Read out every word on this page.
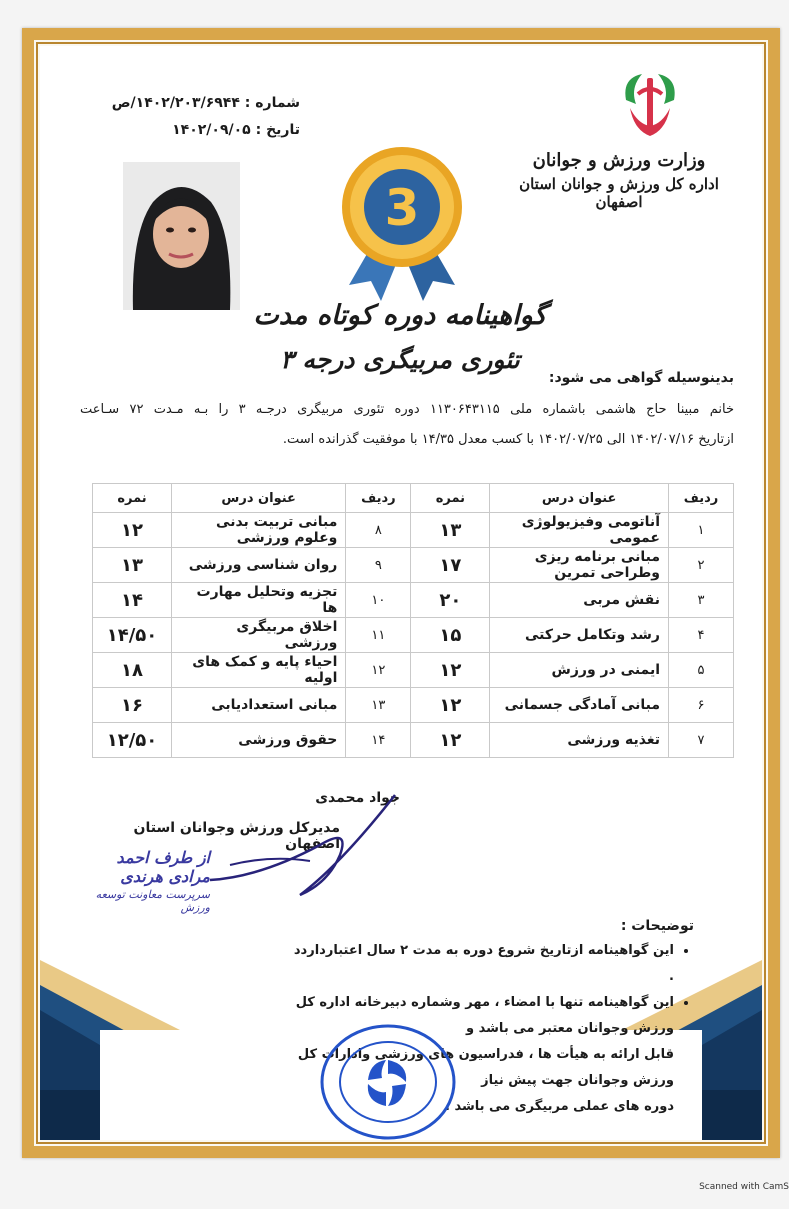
وزارت ورزش و جوانان
اداره کل ورزش و جوانان استان اصفهان
شماره : ۱۴۰۲/۲۰۳/۶۹۴۴/ص
تاریخ : ۱۴۰۲/۰۹/۰۵
3
گواهینامه دوره کوتاه مدت
تئوری مربیگری درجه ۳
بدینوسیله گواهی می شود:
خانم مبینا حاج هاشمی باشماره ملی ۱۱۳۰۶۴۳۱۱۵ دوره تئوری مربیگری درجـه ۳ را بـه مـدت ۷۲ سـاعت
ازتاریخ ۱۴۰۲/۰۷/۱۶ الی ۱۴۰۲/۰۷/۲۵ با کسب معدل ۱۴/۳۵ با موفقیت گذرانده است.
ردیف	عنوان درس	نمره	ردیف	عنوان درس	نمره
۱	آناتومی وفیزیولوژی عمومی	۱۳	۸	مبانی تربیت بدنی وعلوم ورزشی	۱۲
۲	مبانی برنامه ریزی وطراحی تمرین	۱۷	۹	روان شناسی ورزشی	۱۳
۳	نقش مربی	۲۰	۱۰	تجزیه وتحلیل مهارت ها	۱۴
۴	رشد وتکامل حرکتی	۱۵	۱۱	اخلاق مربیگری ورزشی	۱۴/۵۰
۵	ایمنی در ورزش	۱۲	۱۲	احیاء پایه و کمک های اولیه	۱۸
۶	مبانی آمادگی جسمانی	۱۲	۱۳	مبانی استعدادیابی	۱۶
۷	تغذیه ورزشی	۱۲	۱۴	حقوق ورزشی	۱۲/۵۰
جواد محمدی
مدیرکل ورزش وجوانان استان اصفهان
از طرف احمد مرادی هرندی
سرپرست معاونت توسعه ورزش
توضیحات :
• این گواهینامه ازتاریخ شروع دوره به مدت ۲ سال اعتبارداردد .
• این گواهینامه تنها با امضاء ، مهر وشماره دبیرخانه اداره کل ورزش وجوانان معتبر می باشد و
قابل ارائه به هیأت ها ، فدراسیون های ورزشی وادارات کل ورزش وجوانان جهت پیش نیاز
دوره های عملی مربیگری می باشد .
Scanned with CamS
